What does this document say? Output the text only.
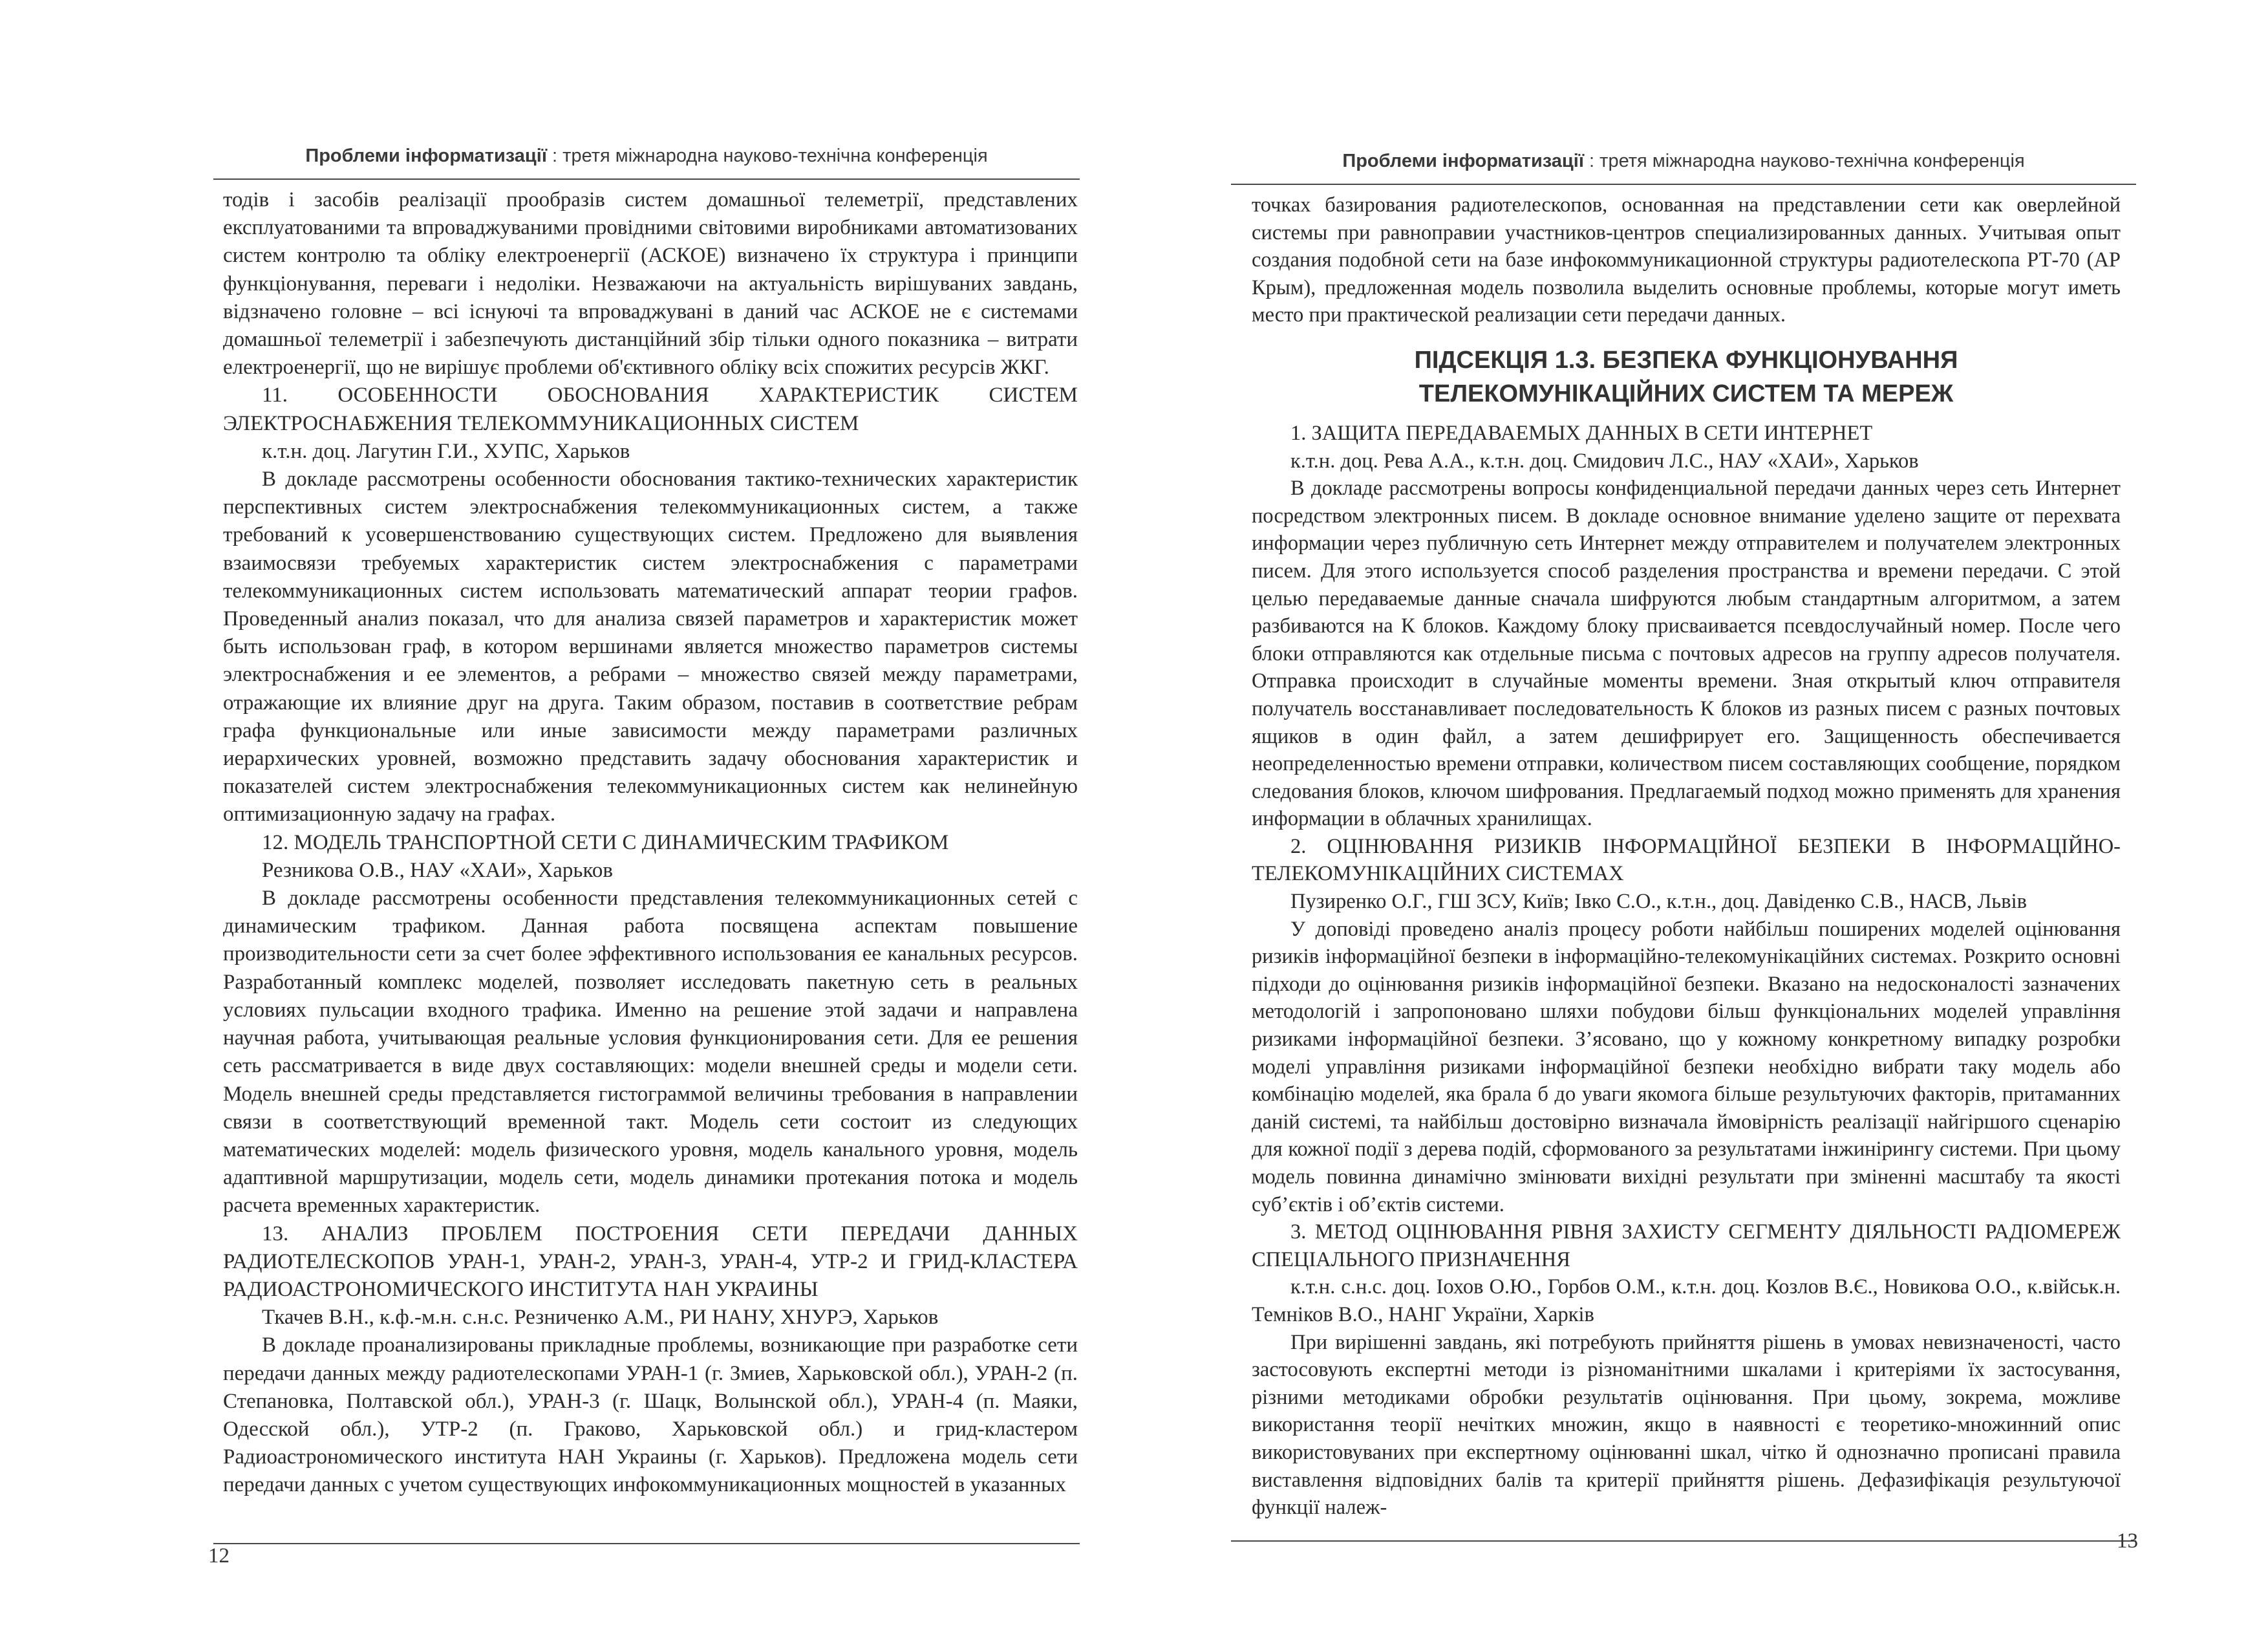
Проблеми інформатизації : третя міжнародна науково-технічна конференція

тодів і засобів реалізації прообразів систем домашньої телеметрії, представлених експлуатованими та впроваджуваними провідними світовими виробниками автоматизованих систем контролю та обліку електроенергії (АСКОЕ) визначено їх структура і принципи функціонування, переваги і недоліки. Незважаючи на актуальність вирішуваних завдань, відзначено головне – всі існуючі та впроваджувані в даний час АСКОЕ не є системами домашньої телеметрії і забезпечують дистанційний збір тільки одного показника – витрати електроенергії, що не вирішує проблеми об'єктивного обліку всіх спожитих ресурсів ЖКГ.

11. ОСОБЕННОСТИ ОБОСНОВАНИЯ ХАРАКТЕРИСТИК СИСТЕМ ЭЛЕКТРОСНАБЖЕНИЯ ТЕЛЕКОММУНИКАЦИОННЫХ СИСТЕМ

к.т.н. доц. Лагутин Г.И., ХУПС, Харьков

В докладе рассмотрены особенности обоснования тактико-технических характеристик перспективных систем электроснабжения телекоммуникационных систем, а также требований к усовершенствованию существующих систем. Предложено для выявления взаимосвязи требуемых характеристик систем электроснабжения с параметрами телекоммуникационных систем использовать математический аппарат теории графов. Проведенный анализ показал, что для анализа связей параметров и характеристик может быть использован граф, в котором вершинами является множество параметров системы электроснабжения и ее элементов, а ребрами – множество связей между параметрами, отражающие их влияние друг на друга. Таким образом, поставив в соответствие ребрам графа функциональные или иные зависимости между параметрами различных иерархических уровней, возможно представить задачу обоснования характеристик и показателей систем электроснабжения телекоммуникационных систем как нелинейную оптимизационную задачу на графах.

12. МОДЕЛЬ ТРАНСПОРТНОЙ СЕТИ С ДИНАМИЧЕСКИМ ТРАФИКОМ

Резникова О.В., НАУ «ХАИ», Харьков

В докладе рассмотрены особенности представления телекоммуникационных сетей с динамическим трафиком. Данная работа посвящена аспектам повышение производительности сети за счет более эффективного использования ее канальных ресурсов. Разработанный комплекс моделей, позволяет исследовать пакетную сеть в реальных условиях пульсации входного трафика. Именно на решение этой задачи и направлена научная работа, учитывающая реальные условия функционирования сети. Для ее решения сеть рассматривается в виде двух составляющих: модели внешней среды и модели сети. Модель внешней среды представляется гистограммой величины требования в направлении связи в соответствующий временной такт. Модель сети состоит из следующих математических моделей: модель физического уровня, модель канального уровня, модель адаптивной маршрутизации, модель сети, модель динамики протекания потока и модель расчета временных характеристик.

13. АНАЛИЗ ПРОБЛЕМ ПОСТРОЕНИЯ СЕТИ ПЕРЕДАЧИ ДАННЫХ РАДИОТЕЛЕСКОПОВ УРАН-1, УРАН-2, УРАН-3, УРАН-4, УТР-2 И ГРИД-КЛАСТЕРА РАДИОАСТРОНОМИЧЕСКОГО ИНСТИТУТА НАН УКРАИНЫ

Ткачев В.Н., к.ф.-м.н. с.н.с. Резниченко А.М., РИ НАНУ, ХНУРЭ, Харьков

В докладе проанализированы прикладные проблемы, возникающие при разработке сети передачи данных между радиотелескопами УРАН-1 (г. Змиев, Харьковской обл.), УРАН-2 (п. Степановка, Полтавской обл.), УРАН-3 (г. Шацк, Волынской обл.), УРАН-4 (п. Маяки, Одесской обл.), УТР-2 (п. Граково, Харьковской обл.) и грид-кластером Радиоастрономического института НАН Украины (г. Харьков). Предложена модель сети передачи данных с учетом существующих инфокоммуникационных мощностей в указанных

12
Проблеми інформатизації : третя міжнародна науково-технічна конференція

точках базирования радиотелескопов, основанная на представлении сети как оверлейной системы при равноправии участников-центров специализированных данных. Учитывая опыт создания подобной сети на базе инфокоммуникационной структуры радиотелескопа РТ-70 (АР Крым), предложенная модель позволила выделить основные проблемы, которые могут иметь место при практической реализации сети передачи данных.

ПІДСЕКЦІЯ 1.3. БЕЗПЕКА ФУНКЦІОНУВАННЯ
ТЕЛЕКОМУНІКАЦІЙНИХ СИСТЕМ ТА МЕРЕЖ

1. ЗАЩИТА ПЕРЕДАВАЕМЫХ ДАННЫХ В СЕТИ ИНТЕРНЕТ

к.т.н. доц. Рева А.А., к.т.н. доц. Смидович Л.С., НАУ «ХАИ», Харьков

В докладе рассмотрены вопросы конфиденциальной передачи данных через сеть Интернет посредством электронных писем. В докладе основное внимание уделено защите от перехвата информации через публичную сеть Интернет между отправителем и получателем электронных писем. Для этого используется способ разделения пространства и времени передачи. С этой целью передаваемые данные сначала шифруются любым стандартным алгоритмом, а затем разбиваются на К блоков. Каждому блоку присваивается псевдослучайный номер. После чего блоки отправляются как отдельные письма с почтовых адресов на группу адресов получателя. Отправка происходит в случайные моменты времени. Зная открытый ключ отправителя получатель восстанавливает последовательность К блоков из разных писем с разных почтовых ящиков в один файл, а затем дешифрирует его. Защищенность обеспечивается неопределенностью времени отправки, количеством писем составляющих сообщение, порядком следования блоков, ключом шифрования. Предлагаемый подход можно применять для хранения информации в облачных хранилищах.

2. ОЦІНЮВАННЯ РИЗИКІВ ІНФОРМАЦІЙНОЇ БЕЗПЕКИ В ІНФОРМАЦІЙНО-ТЕЛЕКОМУНІКАЦІЙНИХ СИСТЕМАХ

Пузиренко О.Г., ГШ ЗСУ, Київ; Івко С.О., к.т.н., доц. Давіденко С.В., НАСВ, Львів

У доповіді проведено аналіз процесу роботи найбільш поширених моделей оцінювання ризиків інформаційної безпеки в інформаційно-телекомунікаційних системах. Розкрито основні підходи до оцінювання ризиків інформаційної безпеки. Вказано на недосконалості зазначених методологій і запропоновано шляхи побудови більш функціональних моделей управління ризиками інформаційної безпеки. З’ясовано, що у кожному конкретному випадку розробки моделі управління ризиками інформаційної безпеки необхідно вибрати таку модель або комбінацію моделей, яка брала б до уваги якомога більше результуючих факторів, притаманних даній системі, та найбільш достовірно визначала ймовірність реалізації найгіршого сценарію для кожної події з дерева подій, сформованого за результатами інжинірингу системи. При цьому модель повинна динамічно змінювати вихідні результати при зміненні масштабу та якості суб’єктів і об’єктів системи.

3. МЕТОД ОЦІНЮВАННЯ РІВНЯ ЗАХИСТУ СЕГМЕНТУ ДІЯЛЬНОСТІ РАДІОМЕРЕЖ СПЕЦІАЛЬНОГО ПРИЗНАЧЕННЯ

к.т.н. с.н.с. доц. Іохов О.Ю., Горбов О.М., к.т.н. доц. Козлов В.Є., Новикова О.О., к.військ.н. Темніков В.О., НАНГ України, Харків

При вирішенні завдань, які потребують прийняття рішень в умовах невизначеності, часто застосовують експертні методи із різноманітними шкалами і критеріями їх застосування, різними методиками обробки результатів оцінювання. При цьому, зокрема, можливе використання теорії нечітких множин, якщо в наявності є теоретико-множинний опис використовуваних при експертному оцінюванні шкал, чітко й однозначно прописані правила виставлення відповідних балів та критерії прийняття рішень. Дефазифікація результуючої функції належ-

13
